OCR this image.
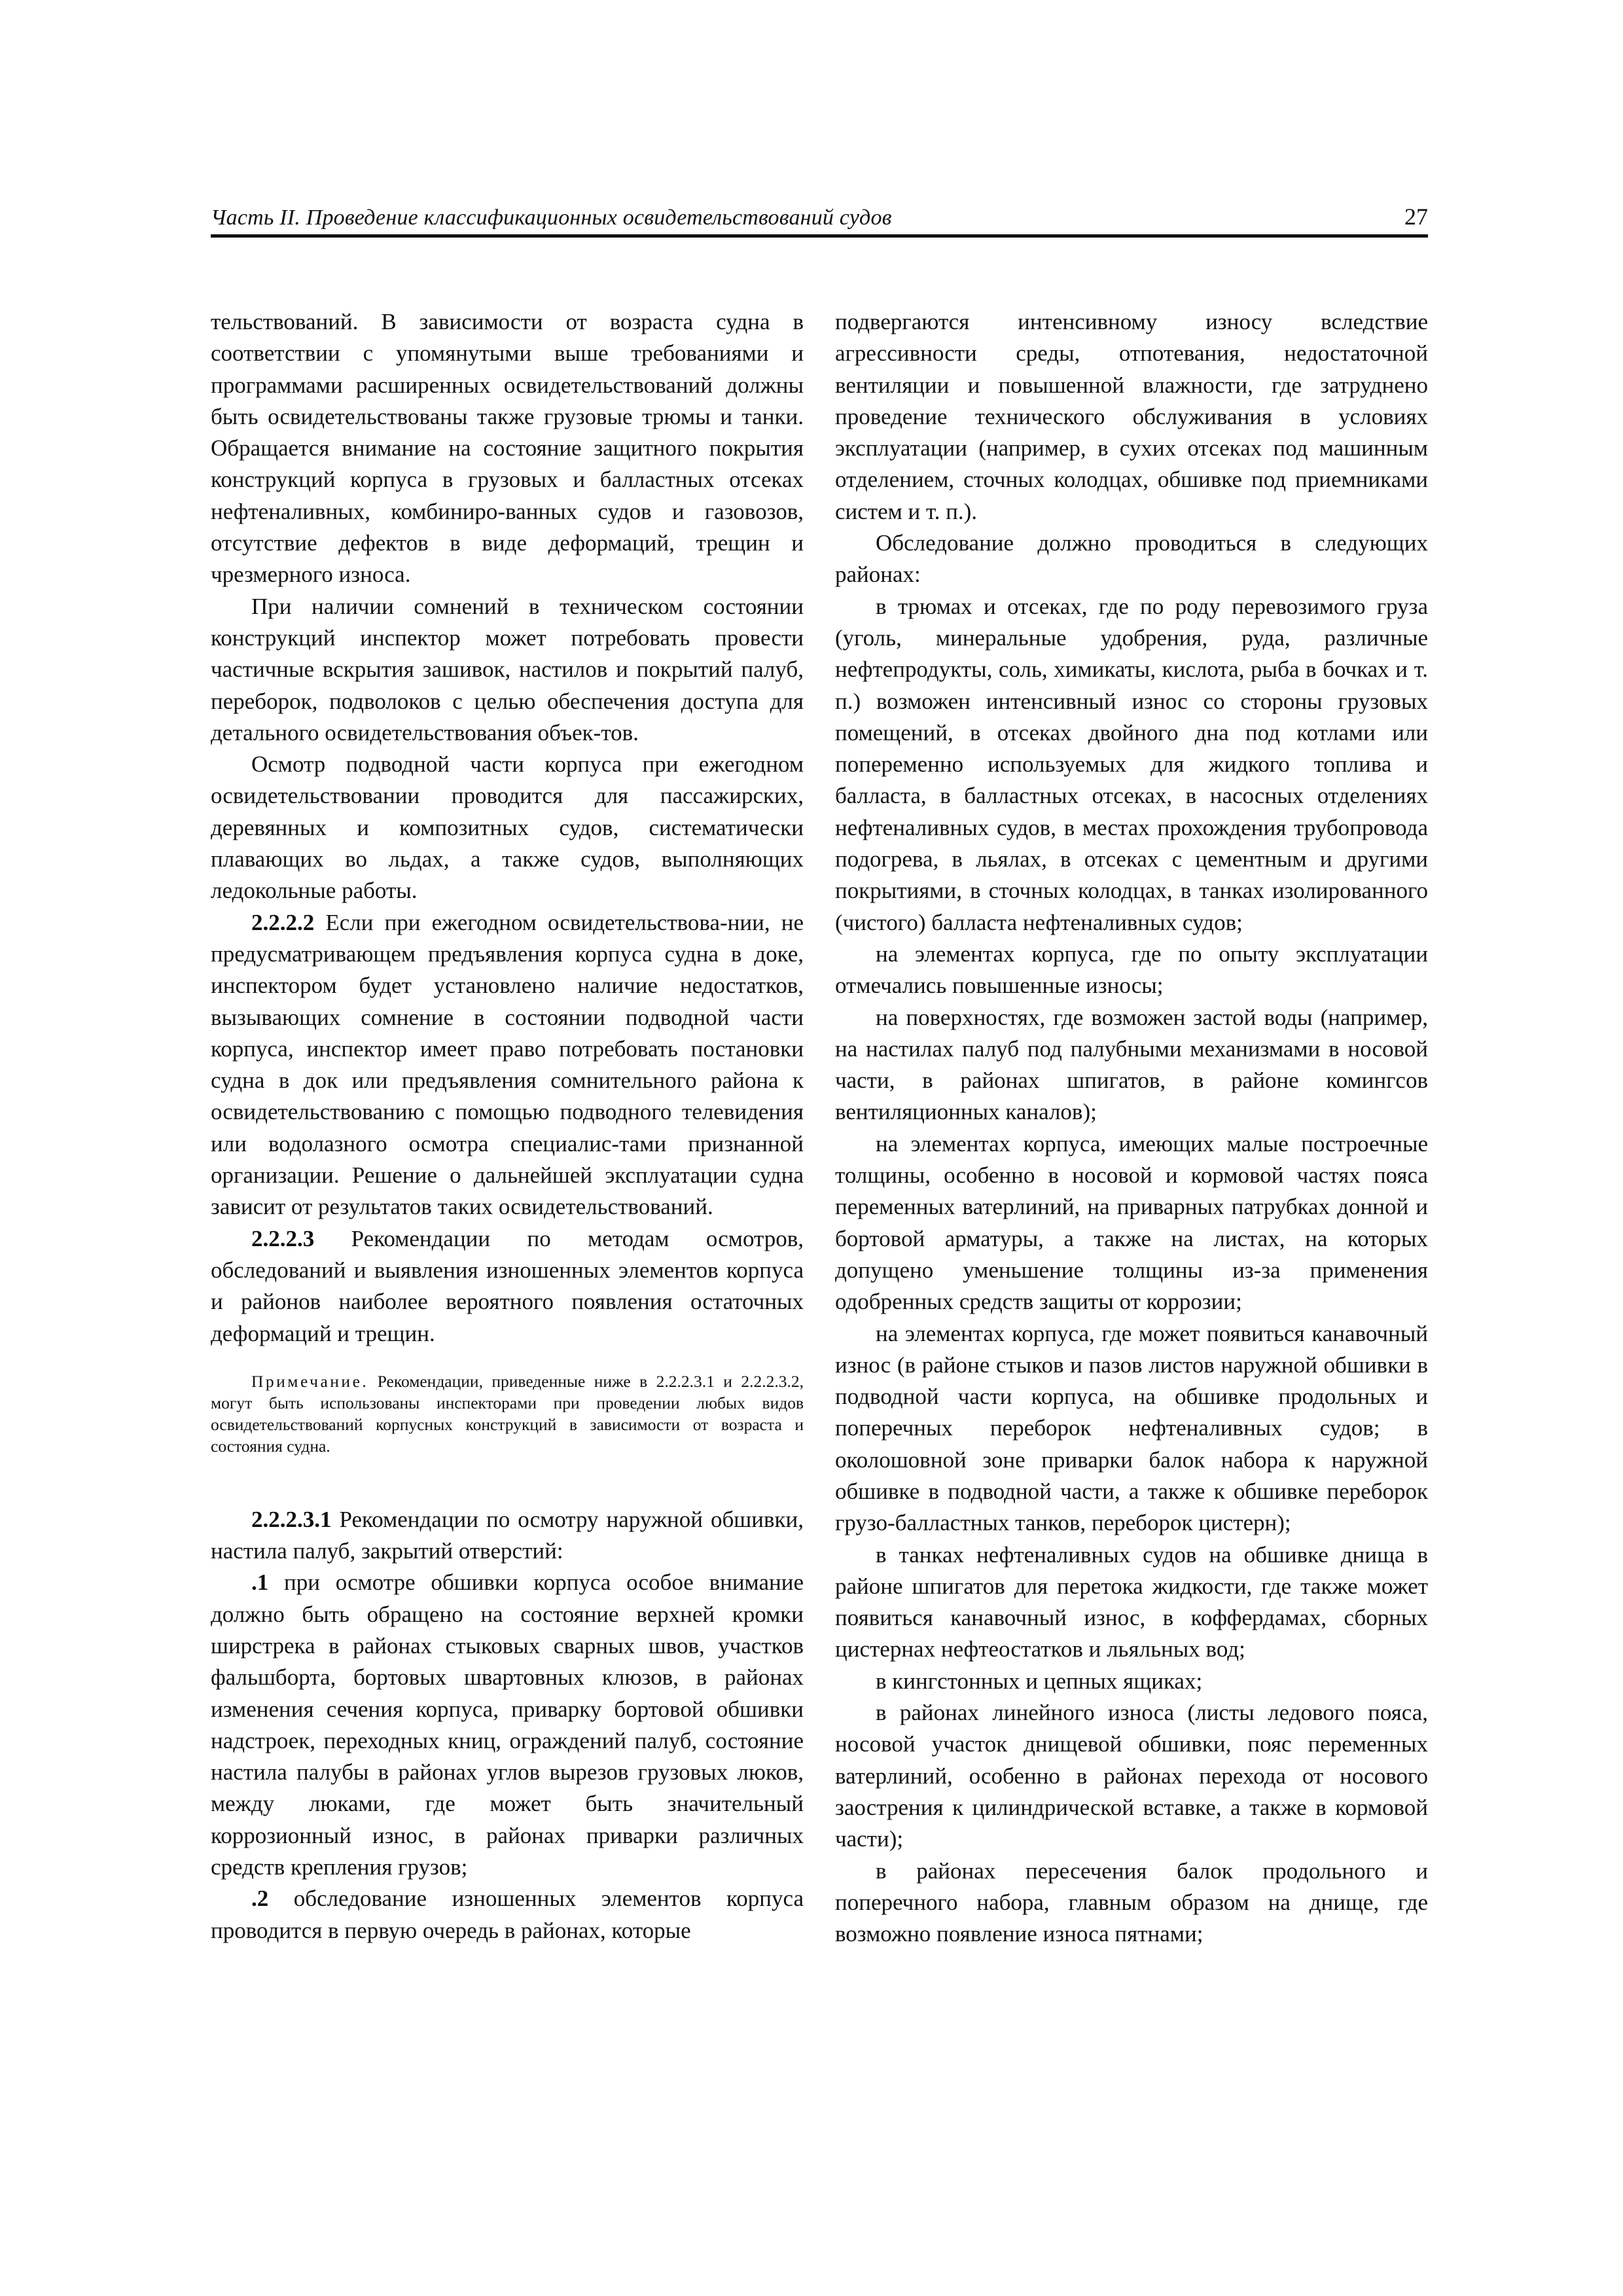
Часть II. Проведение классификационных освидетельствований судов	27

тельствований. В зависимости от возраста судна в соответствии с упомянутыми выше требованиями и программами расширенных освидетельствований должны быть освидетельствованы также грузовые трюмы и танки. Обращается внимание на состояние защитного покрытия конструкций корпуса в грузовых и балластных отсеках нефтеналивных, комбиниро-ванных судов и газовозов, отсутствие дефектов в виде деформаций, трещин и чрезмерного износа.

При наличии сомнений в техническом состоянии конструкций инспектор может потребовать провести частичные вскрытия зашивок, настилов и покрытий палуб, переборок, подволоков с целью обеспечения доступа для детального освидетельствования объек-тов.

Осмотр подводной части корпуса при ежегодном освидетельствовании проводится для пассажирских, деревянных и композитных судов, систематически плавающих во льдах, а также судов, выполняющих ледокольные работы.

2.2.2.2 Если при ежегодном освидетельствова-нии, не предусматривающем предъявления корпуса судна в доке, инспектором будет установлено наличие недостатков, вызывающих сомнение в состоянии подводной части корпуса, инспектор имеет право потребовать постановки судна в док или предъявления сомнительного района к освидетельствованию с помощью подводного телевидения или водолазного осмотра специалис-тами признанной организации. Решение о дальнейшей эксплуатации судна зависит от результатов таких освидетельствований.

2.2.2.3 Рекомендации по методам осмотров, обследований и выявления изношенных элементов корпуса и районов наиболее вероятного появления остаточных деформаций и трещин.

Примечание. Рекомендации, приведенные ниже в 2.2.2.3.1 и 2.2.2.3.2, могут быть использованы инспекторами при проведении любых видов освидетельствований корпусных конструкций в зависимости от возраста и состояния судна.

2.2.2.3.1 Рекомендации по осмотру наружной обшивки, настила палуб, закрытий отверстий:

.1 при осмотре обшивки корпуса особое внимание должно быть обращено на состояние верхней кромки ширстрека в районах стыковых сварных швов, участков фальшборта, бортовых швартовных клюзов, в районах изменения сечения корпуса, приварку бортовой обшивки надстроек, переходных книц, ограждений палуб, состояние настила палубы в районах углов вырезов грузовых люков, между люками, где может быть значительный коррозионный износ, в районах приварки различных средств крепления грузов;

.2 обследование изношенных элементов корпуса проводится в первую очередь в районах, которые

подвергаются интенсивному износу вследствие агрессивности среды, отпотевания, недостаточной вентиляции и повышенной влажности, где затруднено проведение технического обслуживания в условиях эксплуатации (например, в сухих отсеках под машинным отделением, сточных колодцах, обшивке под приемниками систем и т. п.).

Обследование должно проводиться в следующих районах:

в трюмах и отсеках, где по роду перевозимого груза (уголь, минеральные удобрения, руда, различные нефтепродукты, соль, химикаты, кислота, рыба в бочках и т. п.) возможен интенсивный износ со стороны грузовых помещений, в отсеках двойного дна под котлами или попеременно используемых для жидкого топлива и балласта, в балластных отсеках, в насосных отделениях нефтеналивных судов, в местах прохождения трубопровода подогрева, в льялах, в отсеках с цементным и другими покрытиями, в сточных колодцах, в танках изолированного (чистого) балласта нефтеналивных судов;

на элементах корпуса, где по опыту эксплуатации отмечались повышенные износы;

на поверхностях, где возможен застой воды (например, на настилах палуб под палубными механизмами в носовой части, в районах шпигатов, в районе комингсов вентиляционных каналов);

на элементах корпуса, имеющих малые построечные толщины, особенно в носовой и кормовой частях пояса переменных ватерлиний, на приварных патрубках донной и бортовой арматуры, а также на листах, на которых допущено уменьшение толщины из-за применения одобренных средств защиты от коррозии;

на элементах корпуса, где может появиться канавочный износ (в районе стыков и пазов листов наружной обшивки в подводной части корпуса, на обшивке продольных и поперечных переборок нефтеналивных судов; в околошовной зоне приварки балок набора к наружной обшивке в подводной части, а также к обшивке переборок грузо-балластных танков, переборок цистерн);

в танках нефтеналивных судов на обшивке днища в районе шпигатов для перетока жидкости, где также может появиться канавочный износ, в коффердамах, сборных цистернах нефтеостатков и льяльных вод;

в кингстонных и цепных ящиках;

в районах линейного износа (листы ледового пояса, носовой участок днищевой обшивки, пояс переменных ватерлиний, особенно в районах перехода от носового заострения к цилиндрической вставке, а также в кормовой части);

в районах пересечения балок продольного и поперечного набора, главным образом на днище, где возможно появление износа пятнами;
